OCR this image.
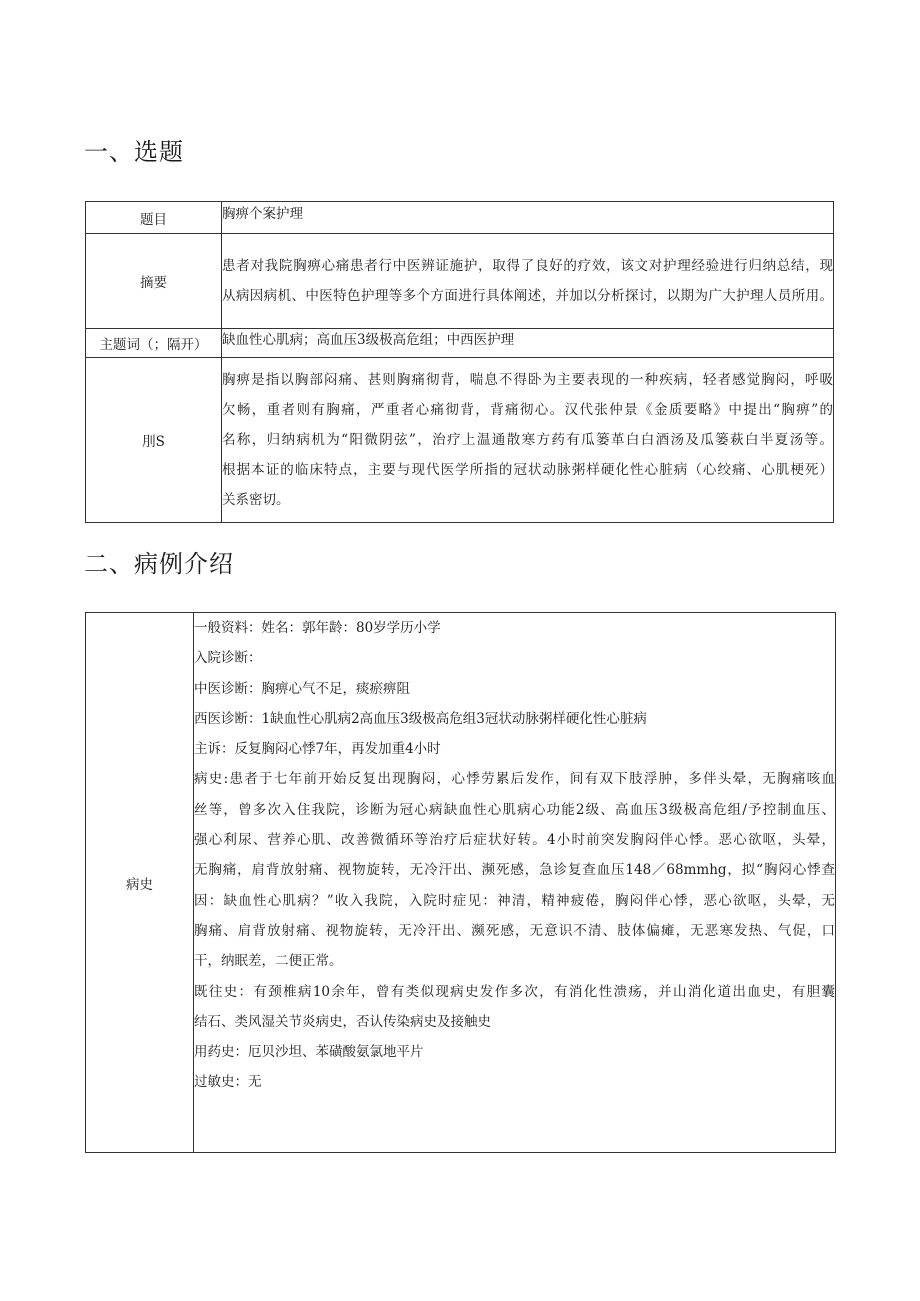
一、选题
题目	胸痹个案护理

摘要	患者对我院胸痹心痛患者行中医辨证施护，取得了良好的疗效，该文对护理经验进行归纳总结，现
从病因病机、中医特色护理等多个方面进行具体阐述，并加以分析探讨，以期为广大护理人员所用。

主题词（；隔开）	缺血性心肌病；高血压3级极高危组；中西医护理

刖S	胸痹是指以胸部闷痛、甚则胸痛彻背，喘息不得卧为主要表现的一种疾病，轻者感觉胸闷，呼吸
欠畅，重者则有胸痛，严重者心痛彻背，背痛彻心。汉代张仲景《金质要略》中提出“胸痹”的
名称，归纳病机为“阳微阴弦”，治疗上温通散寒方药有瓜篓革白白酒汤及瓜篓萩白半夏汤等。
根据本证的临床特点，主要与现代医学所指的冠状动脉粥样硬化性心脏病（心绞痛、心肌梗死）
关系密切。
二、病例介绍
病史	
一般资料：姓名：郭年龄：80岁学历小学
入院诊断：
中医诊断：胸痹心气不足，痰瘀痹阻
西医诊断：1缺血性心肌病2高血压3级极高危组3冠状动脉粥样硬化性心脏病
主诉：反复胸闷心悸7年，再发加重4小时
病史:患者于七年前开始反复出现胸闷，心悸劳累后发作，间有双下肢浮肿，多伴头晕，无胸痛咳血
丝等，曾多次入住我院，诊断为冠心病缺血性心肌病心功能2级、高血压3级极高危组/予控制血压、
强心利尿、营养心肌、改善微循环等治疗后症状好转。4小时前突发胸闷伴心悸。恶心欲呕，头晕，
无胸痛，肩背放射痛、视物旋转，无冷汗出、濒死感，急诊复查血压148／68mmhg，拟“胸闷心悸查
因：缺血性心肌病？”收入我院，入院时症见：神清，精神疲倦，胸闷伴心悸，恶心欲呕，头晕，无
胸痛、肩背放射痛、视物旋转，无冷汗出、濒死感，无意识不清、肢体偏瘫，无恶寒发热、气促，口
干，纳眠差，二便正常。
既往史：有颈椎病10余年，曾有类似现病史发作多次，有消化性溃疡，并山消化道出血史，有胆囊
结石、类风湿关节炎病史，否认传染病史及接触史
用药史：厄贝沙坦、苯磺酸氨氯地平片
过敏史：无
